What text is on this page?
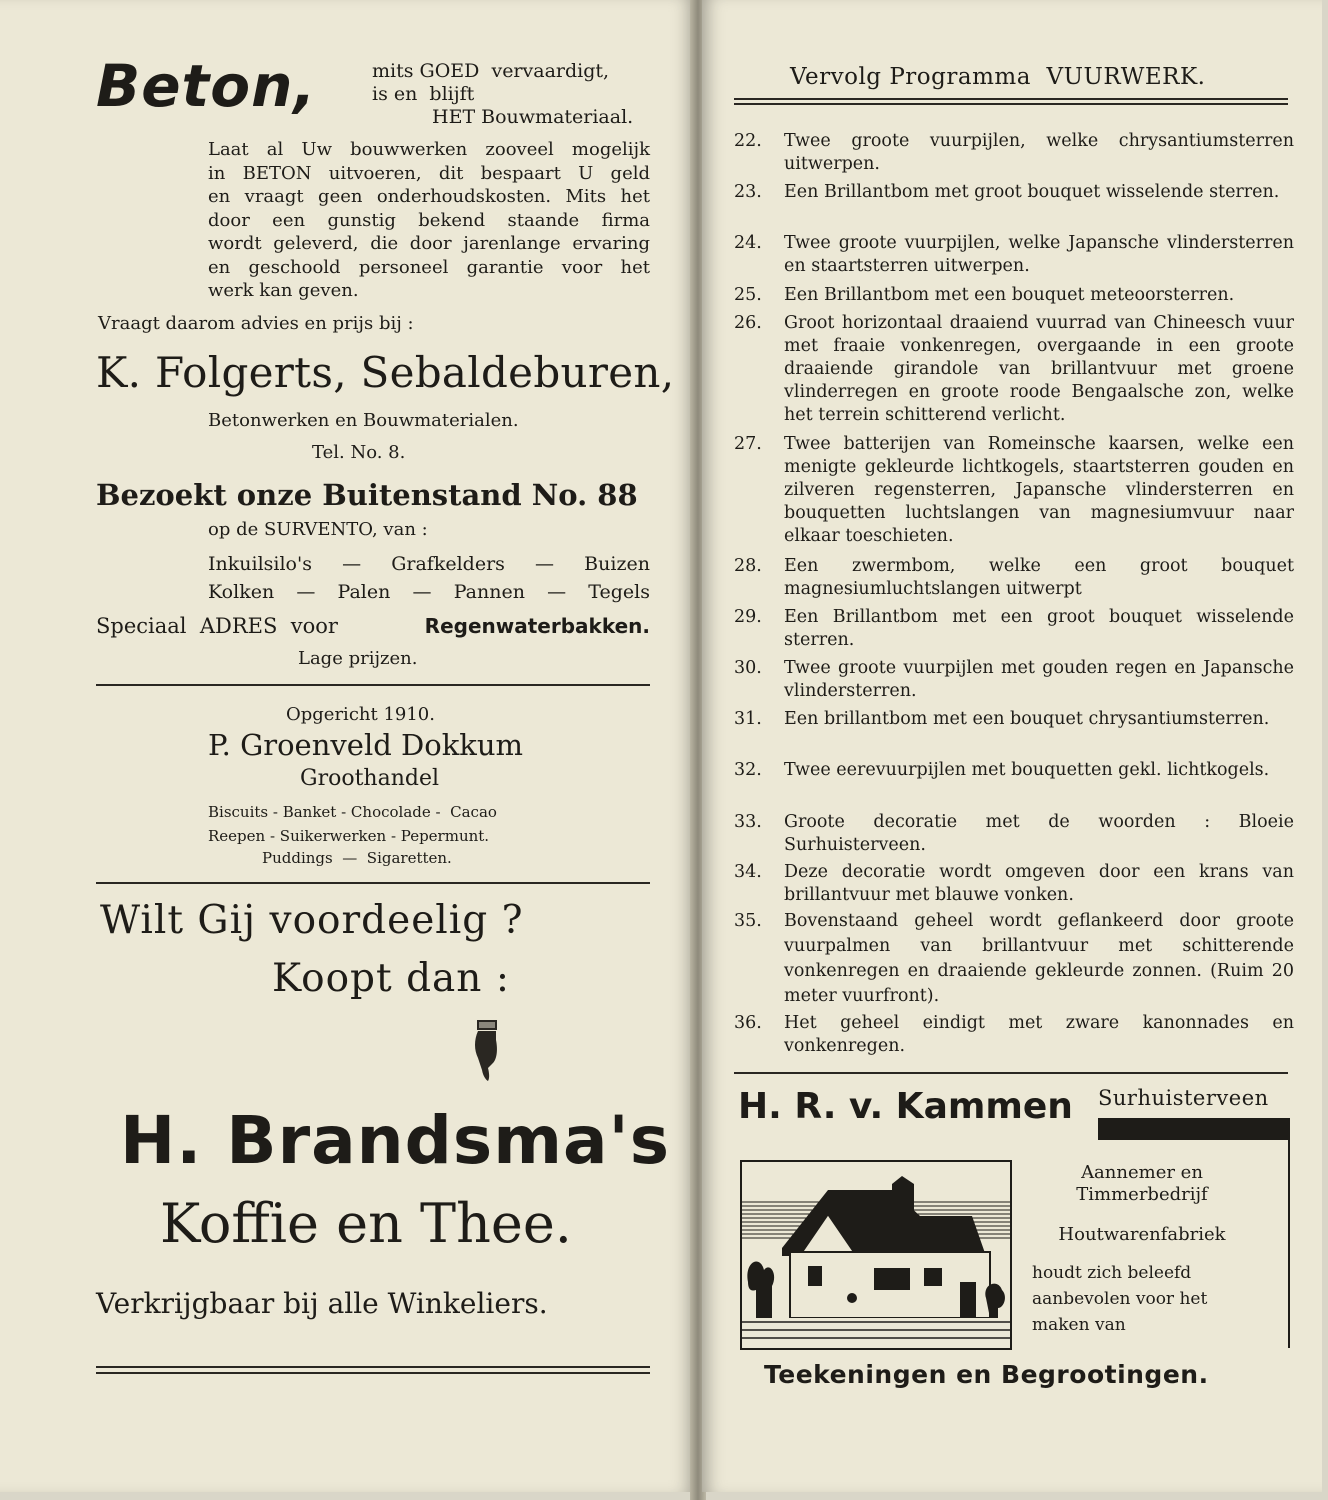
Beton,	mits GOED  vervaardigt,
is en  blijft
HET Bouwmateriaal.
Laat al Uw bouwwerken zooveel mogelijk
in BETON uitvoeren, dit bespaart U geld
en vraagt geen onderhoudskosten. Mits het
door een gunstig bekend staande firma
wordt geleverd, die door jarenlange ervaring
en geschoold personeel garantie voor het
werk kan geven.
Vraagt daarom advies en prijs bij :
K. Folgerts, Sebaldeburen,
Betonwerken en Bouwmaterialen.
Tel. No. 8.
Bezoekt onze Buitenstand No. 88
op de SURVENTO, van :
Inkuilsilo's — Grafkelders — Buizen
Kolken — Palen — Pannen — Tegels
Speciaal  ADRES  voor	Regenwaterbakken.
Lage prijzen.
Opgericht 1910.
P. Groenveld Dokkum
Groothandel
Biscuits - Banket - Chocolade -  Cacao
Reepen - Suikerwerken - Pepermunt.
Puddings  —  Sigaretten.
Wilt Gij voordeelig ?
Koopt dan :
H. Brandsma's
Koffie en Thee.
Verkrijgbaar bij alle Winkeliers.
Vervolg Programma  VUURWERK.
22.	Twee groote vuurpijlen, welke chrysantiumsterren uitwerpen.
23.	Een Brillantbom met groot bouquet wisselende sterren.
24.	Twee groote vuurpijlen, welke Japansche vlindersterren en staartsterren uitwerpen.
25.	Een Brillantbom met een bouquet meteoorsterren.
26.	Groot horizontaal draaiend vuurrad van Chineesch vuur met fraaie vonkenregen, overgaande in een groote draaiende girandole van brillantvuur met groene vlinderregen en groote roode Bengaalsche zon, welke het terrein schitterend verlicht.
27.	Twee batterijen van Romeinsche kaarsen, welke een menigte gekleurde lichtkogels, staartsterren gouden en zilveren regensterren, Japansche vlindersterren en bouquetten luchtslangen van magnesiumvuur naar elkaar toeschieten.
28.	Een zwermbom, welke een groot bouquet magnesiumluchtslangen uitwerpt
29.	Een Brillantbom met een groot bouquet wisselende sterren.
30.	Twee groote vuurpijlen met gouden regen en Japansche vlindersterren.
31.	Een brillantbom met een bouquet chrysantiumsterren.
32.	Twee eerevuurpijlen met bouquetten gekl. lichtkogels.
33.	Groote decoratie met de woorden : Bloeie Surhuisterveen.
34.	Deze decoratie wordt omgeven door een krans van brillantvuur met blauwe vonken.
35.	Bovenstaand geheel wordt geflankeerd door groote vuurpalmen van brillantvuur met schitterende vonkenregen en draaiende gekleurde zonnen. (Ruim 20 meter vuurfront).
36.	Het geheel eindigt met zware kanonnades en vonkenregen.
H. R. v. Kammen Surhuisterveen
Aannemer en Timmerbedrijf
Houtwarenfabriek
houdt zich beleefd aanbevolen voor het maken van
Teekeningen en Begrootingen.
